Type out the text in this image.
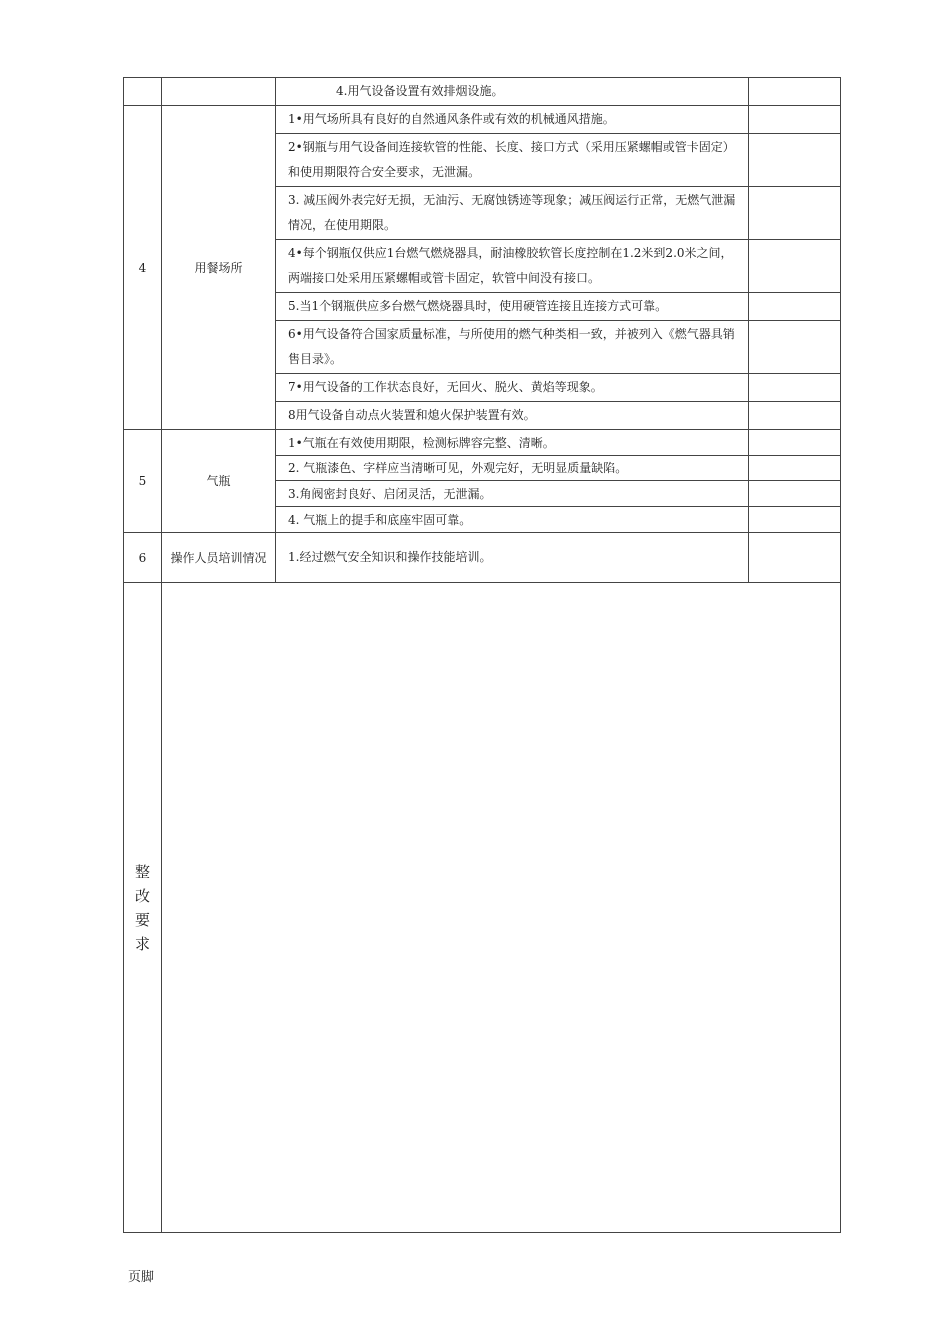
		4.用气设备设置有效排烟设施。	
4	用餐场所	1•用气场所具有良好的自然通风条件或有效的机械通风措施。	
		2•钢瓶与用气设备间连接软管的性能、长度、接口方式（采用压紧螺帽或管卡固定）和使用期限符合安全要求，无泄漏。	
		3. 减压阀外表完好无损，无油污、无腐蚀锈迹等现象；减压阀运行正常，无燃气泄漏情况，在使用期限。	
		4•每个钢瓶仅供应1台燃气燃烧器具，耐油橡胶软管长度控制在1.2米到2.0米之间，两端接口处采用压紧螺帽或管卡固定，软管中间没有接口。	
		5.当1个钢瓶供应多台燃气燃烧器具时，使用硬管连接且连接方式可靠。	
		6•用气设备符合国家质量标准，与所使用的燃气种类相一致，并被列入《燃气器具销售目录》。	
		7•用气设备的工作状态良好，无回火、脱火、黄焰等现象。	
		8用气设备自动点火装置和熄火保护装置有效。	
5	气瓶	1•气瓶在有效使用期限，检测标牌容完整、清晰。	
		2. 气瓶漆色、字样应当清晰可见，外观完好，无明显质量缺陷。	
		3.角阀密封良好、启闭灵活，无泄漏。	
		4. 气瓶上的提手和底座牢固可靠。	
6	操作人员培训情况	1.经过燃气安全知识和操作技能培训。	

整
改
要
求			

页脚
